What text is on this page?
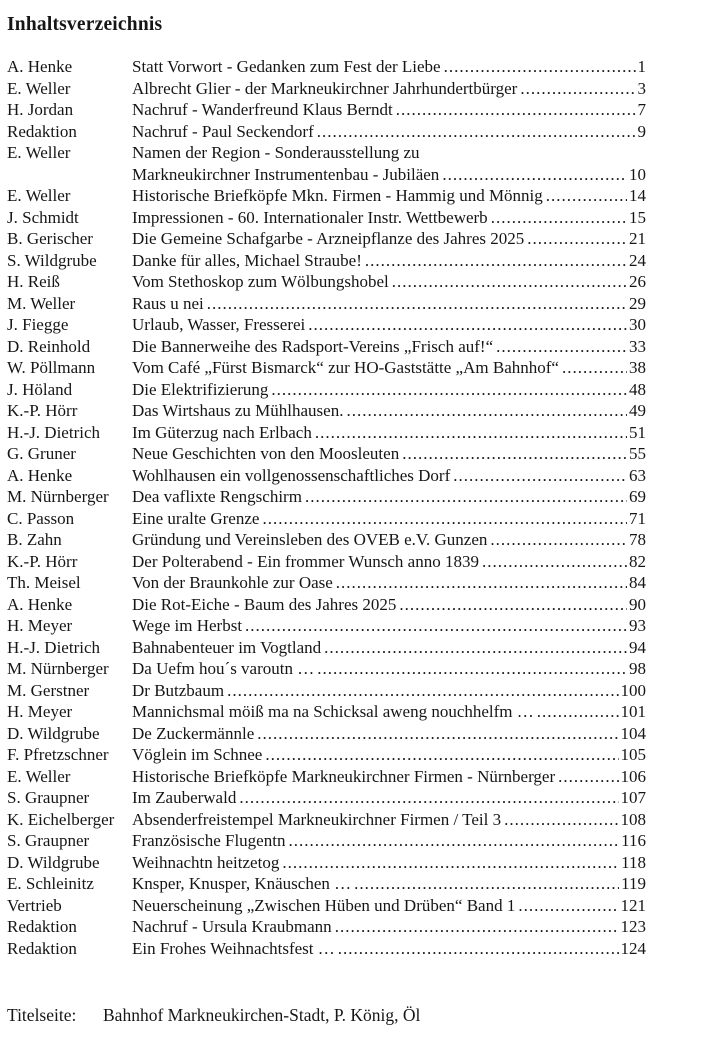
Inhaltsverzeichnis
A. Henke	Statt Vorwort - Gedanken zum Fest der Liebe .....	1
E. Weller	Albrecht Glier - der Markneukirchner Jahrhundertbürger .....	3
H. Jordan	Nachruf - Wanderfreund Klaus Berndt .....	7
Redaktion	Nachruf - Paul Seckendorf .....	9
E. Weller	Namen der Region - Sonderausstellung zu
Markneukirchner Instrumentenbau - Jubiläen .....	10
E. Weller	Historische Briefköpfe Mkn. Firmen - Hammig und Mönnig .....	14
J. Schmidt	Impressionen - 60. Internationaler Instr. Wettbewerb .....	15
B. Gerischer	Die Gemeine Schafgarbe - Arzneipflanze des Jahres 2025 .....	21
S. Wildgrube	Danke für alles, Michael Straube! .....	24
H. Reiß	Vom Stethoskop zum Wölbungshobel .....	26
M. Weller	Raus u nei .....	29
J. Fiegge	Urlaub, Wasser, Fresserei .....	30
D. Reinhold	Die Bannerweihe des Radsport-Vereins „Frisch auf!“ .....	33
W. Pöllmann	Vom Café „Fürst Bismarck“ zur HO-Gaststätte „Am Bahnhof“ .....	38
J. Höland	Die Elektrifizierung .....	48
K.-P. Hörr	Das Wirtshaus zu Mühlhausen. .....	49
H.-J. Dietrich	Im Güterzug nach Erlbach .....	51
G. Gruner	Neue Geschichten von den Moosleuten .....	55
A. Henke	Wohlhausen ein vollgenossenschaftliches Dorf .....	63
M. Nürnberger	Dea vaflixte Rengschirm .....	69
C. Passon	Eine uralte Grenze .....	71
B. Zahn	Gründung und Vereinsleben des OVEB e.V. Gunzen .....	78
K.-P. Hörr	Der Polterabend - Ein frommer Wunsch anno 1839 .....	82
Th. Meisel	Von der Braunkohle zur Oase .....	84
A. Henke	Die Rot-Eiche - Baum des Jahres 2025 .....	90
H. Meyer	Wege im Herbst .....	93
H.-J. Dietrich	Bahnabenteuer im Vogtland .....	94
M. Nürnberger	Da Uefm hou´s varoutn … .....	98
M. Gerstner	Dr Butzbaum .....	100
H. Meyer	Mannichsmal möiß ma na Schicksal aweng nouchhelfm … .....	101
D. Wildgrube	De Zuckermännle .....	104
F. Pfretzschner	Vöglein im Schnee .....	105
E. Weller	Historische Briefköpfe Markneukirchner Firmen - Nürnberger .....	106
S. Graupner	Im Zauberwald .....	107
K. Eichelberger	Absenderfreistempel Markneukirchner Firmen / Teil 3 .....	108
S. Graupner	Französische Flugentn .....	116
D. Wildgrube	Weihnachtn heitzetog .....	118
E. Schleinitz	Knsper, Knusper, Knäuschen … .....	119
Vertrieb	Neuerscheinung „Zwischen Hüben und Drüben“ Band 1 .....	121
Redaktion	Nachruf - Ursula Kraubmann .....	123
Redaktion	Ein Frohes Weihnachtsfest … .....	124
Titelseite:	Bahnhof Markneukirchen-Stadt, P. König, Öl
